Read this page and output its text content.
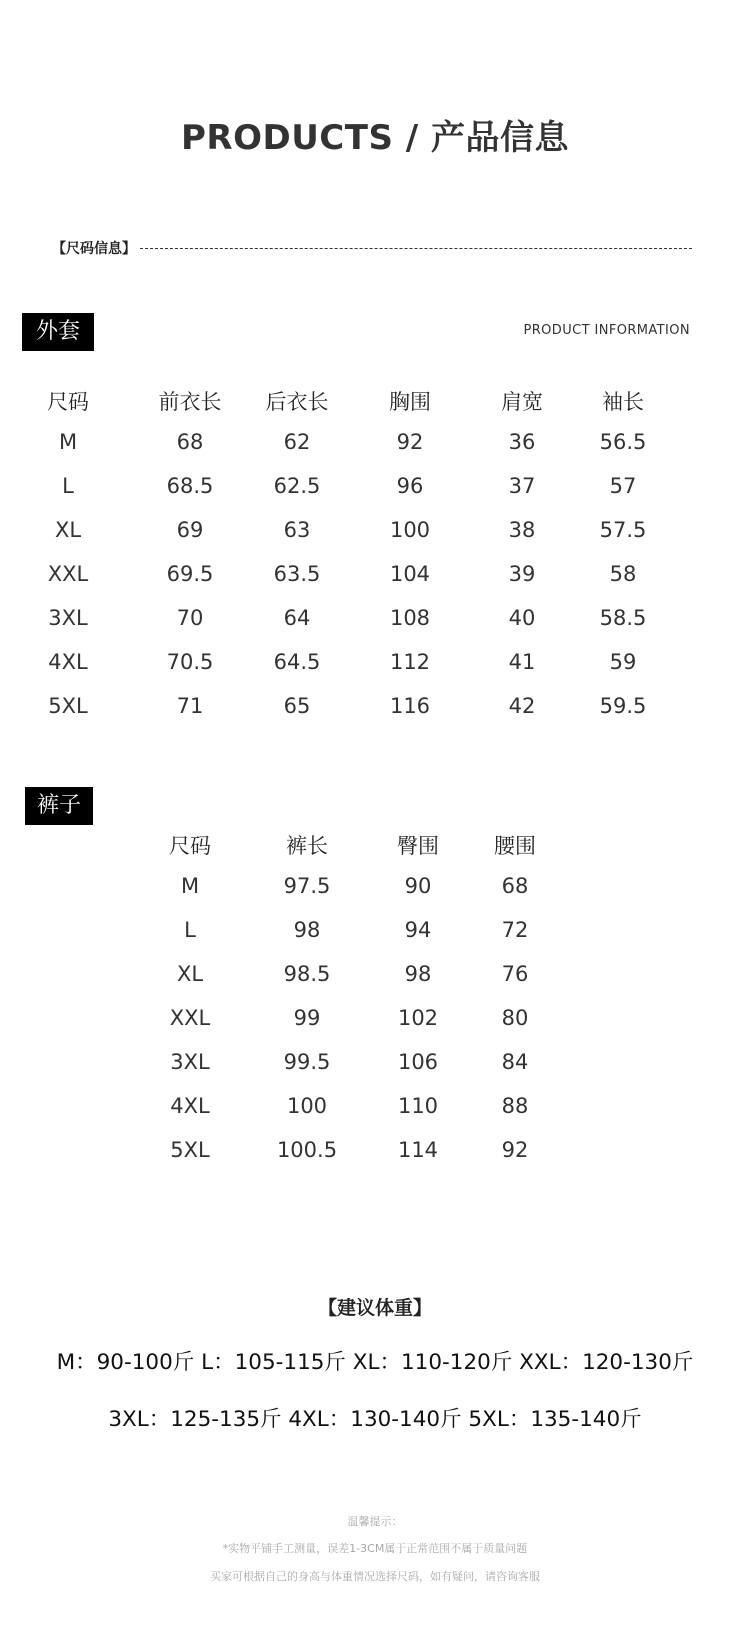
PRODUCTS / 产品信息
【尺码信息】
外套	PRODUCT INFORMATION
尺码	前衣长	后衣长	胸围	肩宽	袖长
M	68	62	92	36	56.5
L	68.5	62.5	96	37	57
XL	69	63	100	38	57.5
XXL	69.5	63.5	104	39	58
3XL	70	64	108	40	58.5
4XL	70.5	64.5	112	41	59
5XL	71	65	116	42	59.5
裤子
尺码	裤长	臀围	腰围
M	97.5	90	68
L	98	94	72
XL	98.5	98	76
XXL	99	102	80
3XL	99.5	106	84
4XL	100	110	88
5XL	100.5	114	92
【建议体重】
M：90-100斤 L：105-115斤 XL：110-120斤 XXL：120-130斤
3XL：125-135斤 4XL：130-140斤 5XL：135-140斤
温馨提示：
*实物平铺手工测量，误差1-3CM属于正常范围不属于质量问题
买家可根据自己的身高与体重情况选择尺码，如有疑问，请咨询客服
